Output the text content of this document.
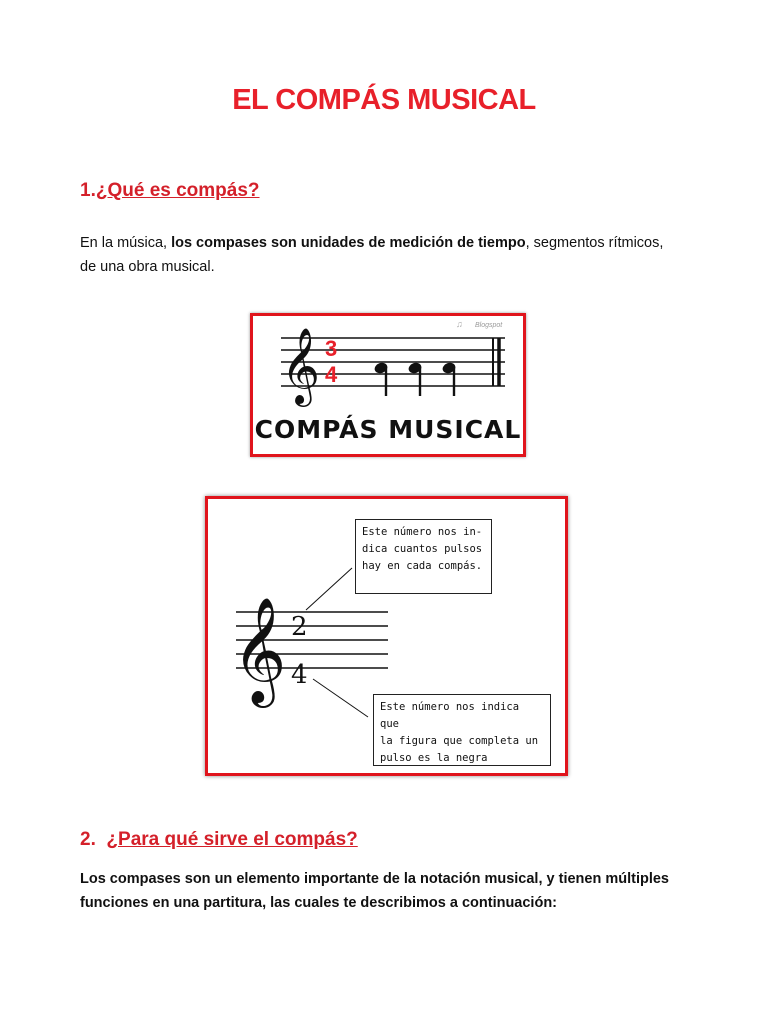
EL COMPÁS MUSICAL
1.¿Qué es compás?
En la música, los compases son unidades de medición de tiempo, segmentos rítmicos, de una obra musical.
𝄞 3
4
Blogspot
♫
COMPÁS MUSICAL
𝄞 2
4
Este número nos in-
dica cuantos pulsos
hay en cada compás.
Este número nos indica que
la figura que completa un
pulso es la negra
2. ¿Para qué sirve el compás?
Los compases son un elemento importante de la notación musical, y tienen múltiples funciones en una partitura, las cuales te describimos a continuación:
